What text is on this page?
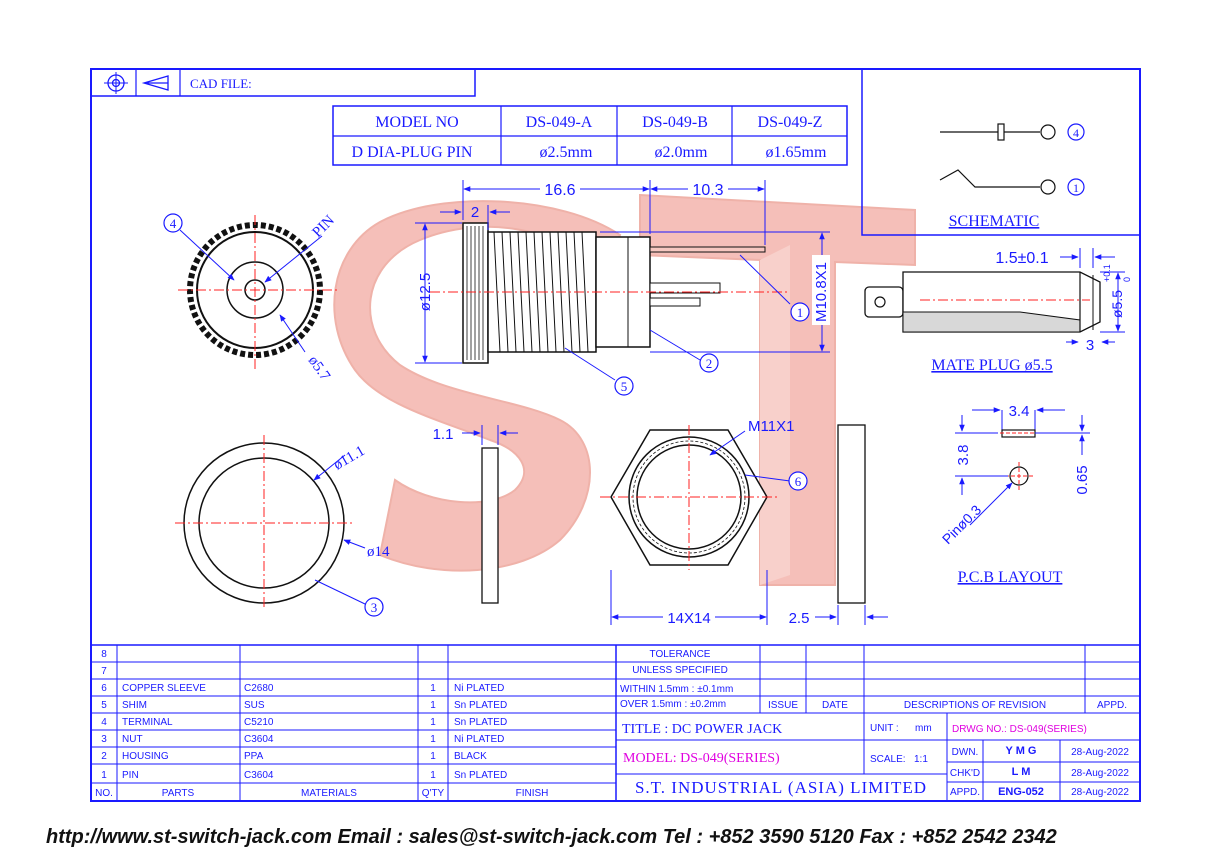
CAD FILE:
MODEL NO	DS-049-A	DS-049-B	DS-049-Z
D DIA-PLUG PIN	ø2.5mm	ø2.0mm	ø1.65mm
4
1
SCHEMATIC
4	PIN
ø5.7
16.6	10.3
2
ø12.5	M10.8X1
1
2
5
1.5±0.1
ø5.5
+0.1 0
3
MATE PLUG ø5.5
3.4
3.8
0.65
Pinø0.3
P.C.B LAYOUT
ø11.1
ø14
3
1.1	M11X1
6
14X14	2.5
8
7
6 COPPER SLEEVE	C2680	1 Ni PLATED
5 SHIM	SUS	1 Sn PLATED
4 TERMINAL	C5210	1 Sn PLATED
3 NUT	C3604	1 Ni PLATED
2 HOUSING	PPA	1 BLACK
1 PIN	C3604	1 Sn PLATED
NO.	PARTS	MATERIALS	Q'TY	FINISH
TOLERANCE
UNLESS SPECIFIED
WITHIN 1.5mm : ±0.1mm
OVER 1.5mm : ±0.2mm	ISSUE DATE	DESCRIPTIONS OF REVISION	APPD.
TITLE : DC POWER JACK	UNIT : mm DRWG NO.: DS-049(SERIES)
MODEL: DS-049(SERIES)	SCALE: 1:1
S.T. INDUSTRIAL (ASIA) LIMITED
DWN. Y M G	28-Aug-2022
CHK'D	L M	28-Aug-2022
APPD. ENG-052	28-Aug-2022
http://www.st-switch-jack.com Email : sales@st-switch-jack.com Tel : +852 3590 5120 Fax : +852 2542 2342
